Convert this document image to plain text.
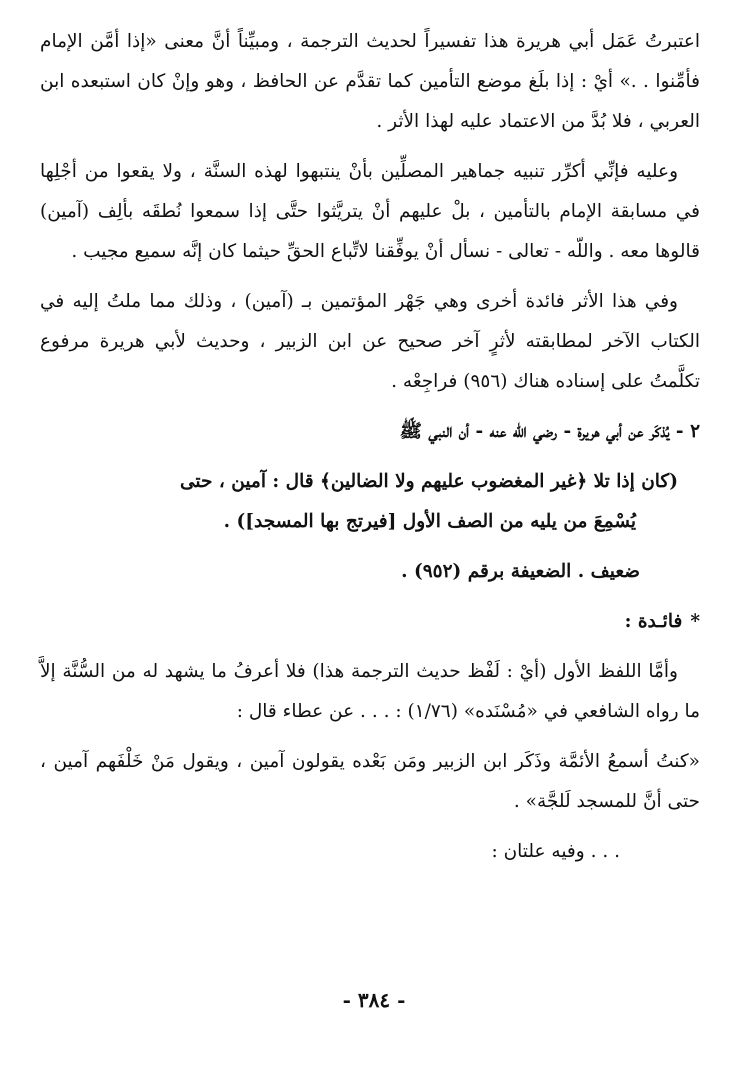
اعتبرتُ عَمَل أبي هريرة هذا تفسيراً لحديث الترجمة ، ومبيِّناً أنَّ معنى «إذا أمَّن الإمام فأمِّنوا . .» أيْ : إذا بلَغ موضع التأمين كما تقدَّم عن الحافظ ، وهو وإنْ كان استبعده ابن العربي ، فلا بُدَّ من الاعتماد عليه لهذا الأثر .

وعليه فإنِّي أكرِّر تنبيه جماهير المصلِّين بأنْ ينتبهوا لهذه السنَّة ، ولا يقعوا من أجْلِها في مسابقة الإمام بالتأمين ، بلْ عليهم أنْ يتريَّثوا حتَّى إذا سمعوا نُطقَه بألِف (آمين) قالوها معه . واللّه - تعالى - نسأل أنْ يوفِّقنا لاتِّباع الحقِّ حيثما كان إنَّه سميع مجيب .

وفي هذا الأثر فائدة أخرى وهي جَهْر المؤتمين بـ (آمين) ، وذلك مما ملتُ إليه في الكتاب الآخر لمطابقته لأثرٍ آخر صحيح عن ابن الزبير ، وحديث لأبي هريرة مرفوع تكلَّمتُ على إسناده هناك (٩٥٦) فراجِعْه .

٢ - يُذكَر عن أبي هريرة - رضي الله عنه - أن النبي ﷺ

(كان إذا تلا ﴿غير المغضوب عليهم ولا الضالين﴾ قال : آمين ، حتى
يُسْمِعَ من يليه من الصف الأول [فيرتج بها المسجد]) .

ضعيف . الضعيفة برقم (٩٥٢) .

*فائـدة :

وأمَّا اللفظ الأول (أيْ : لَفْظ حديث الترجمة هذا) فلا أعرفُ ما يشهد له من السُّنَّة إلاَّ ما رواه الشافعي في «مُسْنَده» (١/٧٦) : . . . عن عطاء قال :

«كنتُ أسمعُ الأئمَّة وذَكَر ابن الزبير ومَن بَعْده يقولون آمين ، ويقول مَنْ خَلْفَهم آمين ، حتى أنَّ للمسجد لَلجَّة» .

. . . وفيه علتان :

- ٣٨٤ -
